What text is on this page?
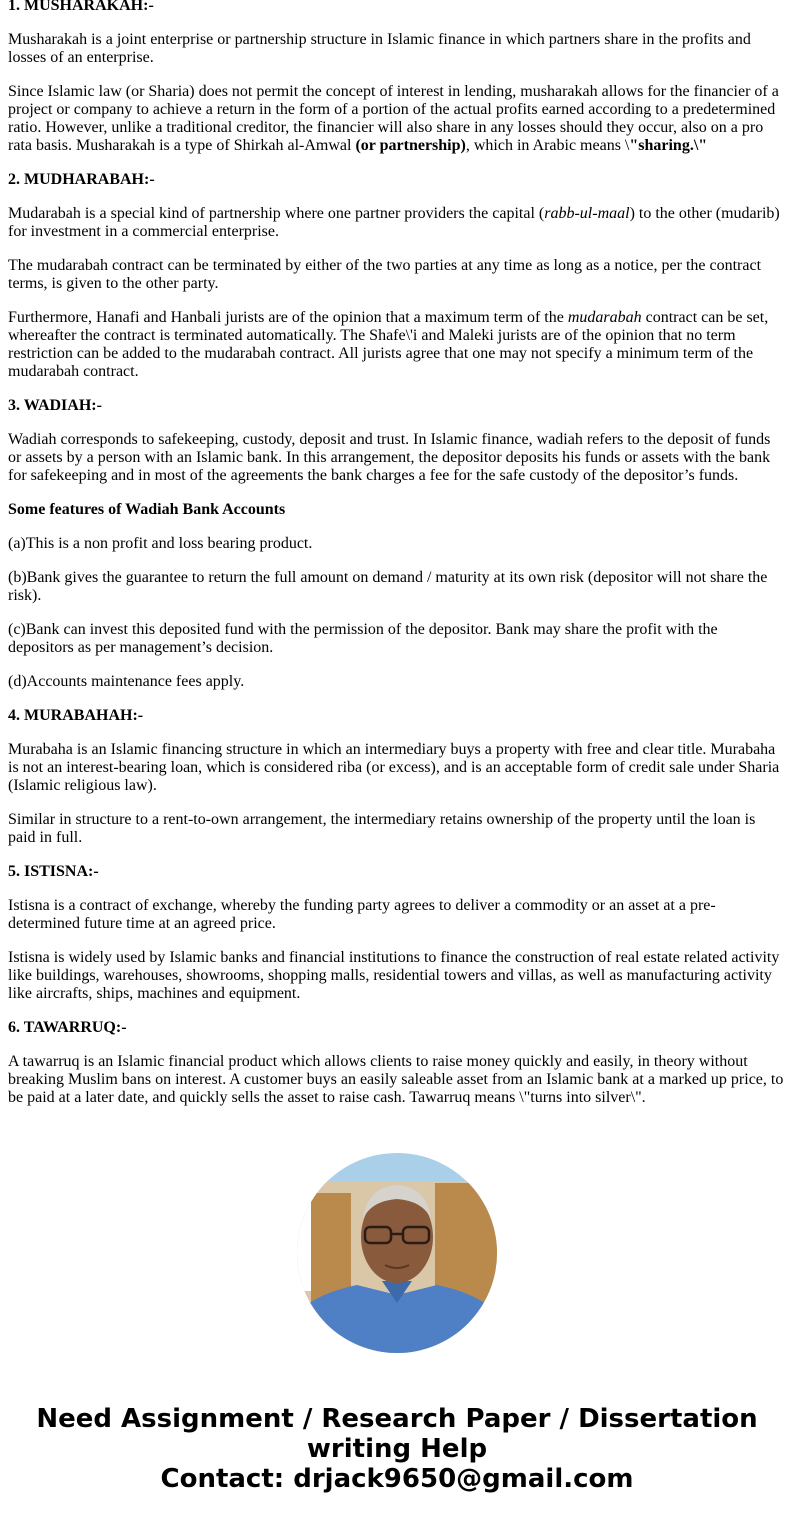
1. MUSHARAKAH:-

Musharakah is a joint enterprise or partnership structure in Islamic finance in which partners share in the profits and losses of an enterprise.

Since Islamic law (or Sharia) does not permit the concept of interest in lending, musharakah allows for the financier of a project or company to achieve a return in the form of a portion of the actual profits earned according to a predetermined ratio. However, unlike a traditional creditor, the financier will also share in any losses should they occur, also on a pro rata basis. Musharakah is a type of Shirkah al-Amwal (or partnership), which in Arabic means \"sharing.\"

2. MUDHARABAH:-

Mudarabah is a special kind of partnership where one partner providers the capital (rabb-ul-maal) to the other (mudarib) for investment in a commercial enterprise.

The mudarabah contract can be terminated by either of the two parties at any time as long as a notice, per the contract terms, is given to the other party.

Furthermore, Hanafi and Hanbali jurists are of the opinion that a maximum term of the mudarabah contract can be set, whereafter the contract is terminated automatically. The Shafe\'i and Maleki jurists are of the opinion that no term restriction can be added to the mudarabah contract. All jurists agree that one may not specify a minimum term of the mudarabah contract.

3. WADIAH:-

Wadiah corresponds to safekeeping, custody, deposit and trust. In Islamic finance, wadiah refers to the deposit of funds or assets by a person with an Islamic bank. In this arrangement, the depositor deposits his funds or assets with the bank for safekeeping and in most of the agreements the bank charges a fee for the safe custody of the depositor’s funds.

Some features of Wadiah Bank Accounts

(a)This is a non profit and loss bearing product.

(b)Bank gives the guarantee to return the full amount on demand / maturity at its own risk (depositor will not share the risk).

(c)Bank can invest this deposited fund with the permission of the depositor. Bank may share the profit with the depositors as per management’s decision.

(d)Accounts maintenance fees apply.

4. MURABAHAH:-

Murabaha is an Islamic financing structure in which an intermediary buys a property with free and clear title. Murabaha is not an interest-bearing loan, which is considered riba (or excess), and is an acceptable form of credit sale under Sharia (Islamic religious law).

Similar in structure to a rent-to-own arrangement, the intermediary retains ownership of the property until the loan is paid in full.

5. ISTISNA:-

Istisna is a contract of exchange, whereby the funding party agrees to deliver a commodity or an asset at a pre-determined future time at an agreed price.

Istisna is widely used by Islamic banks and financial institutions to finance the construction of real estate related activity like buildings, warehouses, showrooms, shopping malls, residential towers and villas, as well as manufacturing activity like aircrafts, ships, machines and equipment.

6. TAWARRUQ:-

A tawarruq is an Islamic financial product which allows clients to raise money quickly and easily, in theory without breaking Muslim bans on interest. A customer buys an easily saleable asset from an Islamic bank at a marked up price, to be paid at a later date, and quickly sells the asset to raise cash. Tawarruq means \"turns into silver\".

Need Assignment / Research Paper / Dissertation writing Help
Contact: drjack9650@gmail.com
